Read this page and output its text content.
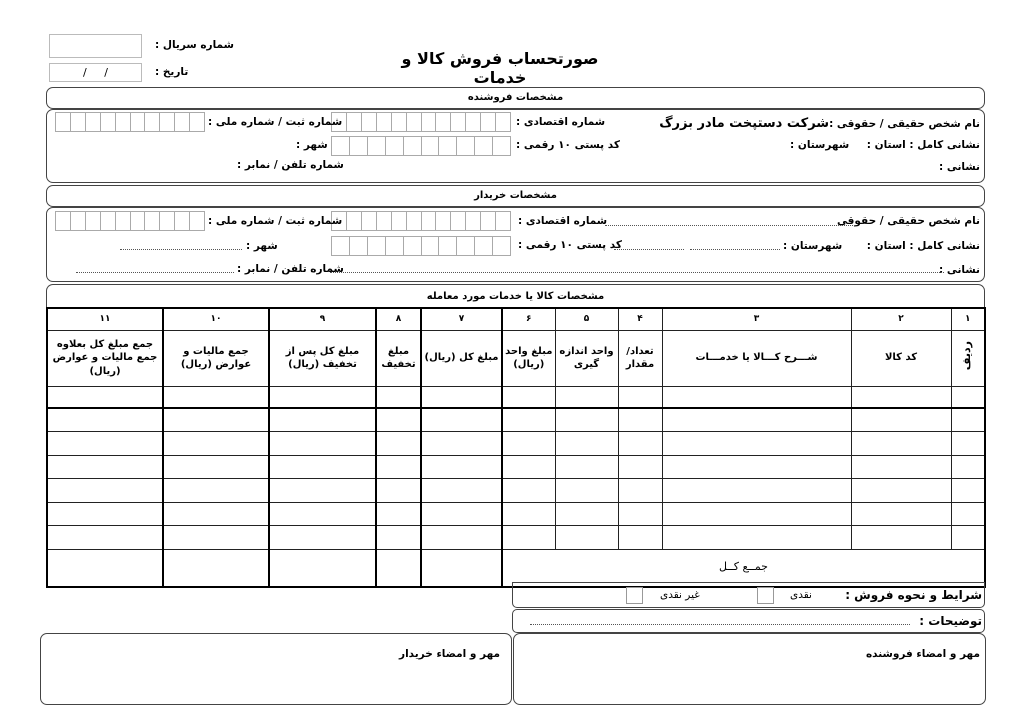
شماره سریال :
/     /	تاریخ :
صورتحساب فروش کالا و خدمات
مشخصات فروشنده
نام شخص حقیقی / حقوقی :شرکت دستپخت مادر بزرگ
شماره اقتصادی :
شماره ثبت / شماره ملی :
نشانی کامل : استان :
شهرستان :
کد پستی ۱۰ رقمی :
شهر :
نشانی :
شماره تلفن / نمابر :
مشخصات خریدار
نام شخص حقیقی / حقوقی
شماره اقتصادی :
شماره ثبت / شماره ملی :
نشانی کامل : استان :
شهرستان :
کد پستی ۱۰ رقمی :
شهر :
نشانی :
شماره تلفن / نمابر :
مشخصات کالا یا خدمات مورد معامله
۱	۲	۳	۴	۵	۶	۷	۸	۹	۱۰	۱۱
ردیف	کد کالا	شـــرح کـــالا یا خدمـــات	تعداد/ مقدار	واحد اندازه گیری	مبلغ واحد (ریال)	مبلغ کل (ریال)	مبلغ تخفیف	مبلغ کل پس از تخفیف (ریال)	جمع مالیات و عوارض (ریال)	جمع مبلغ کل بعلاوه جمع مالیات و عوارض (ریال)

جمــع کــل										
شرایط و نحوه فروش :
نقدی
غیر نقدی
توضیحات :
مهر و امضاء خریدار	مهر و امضاء فروشنده
